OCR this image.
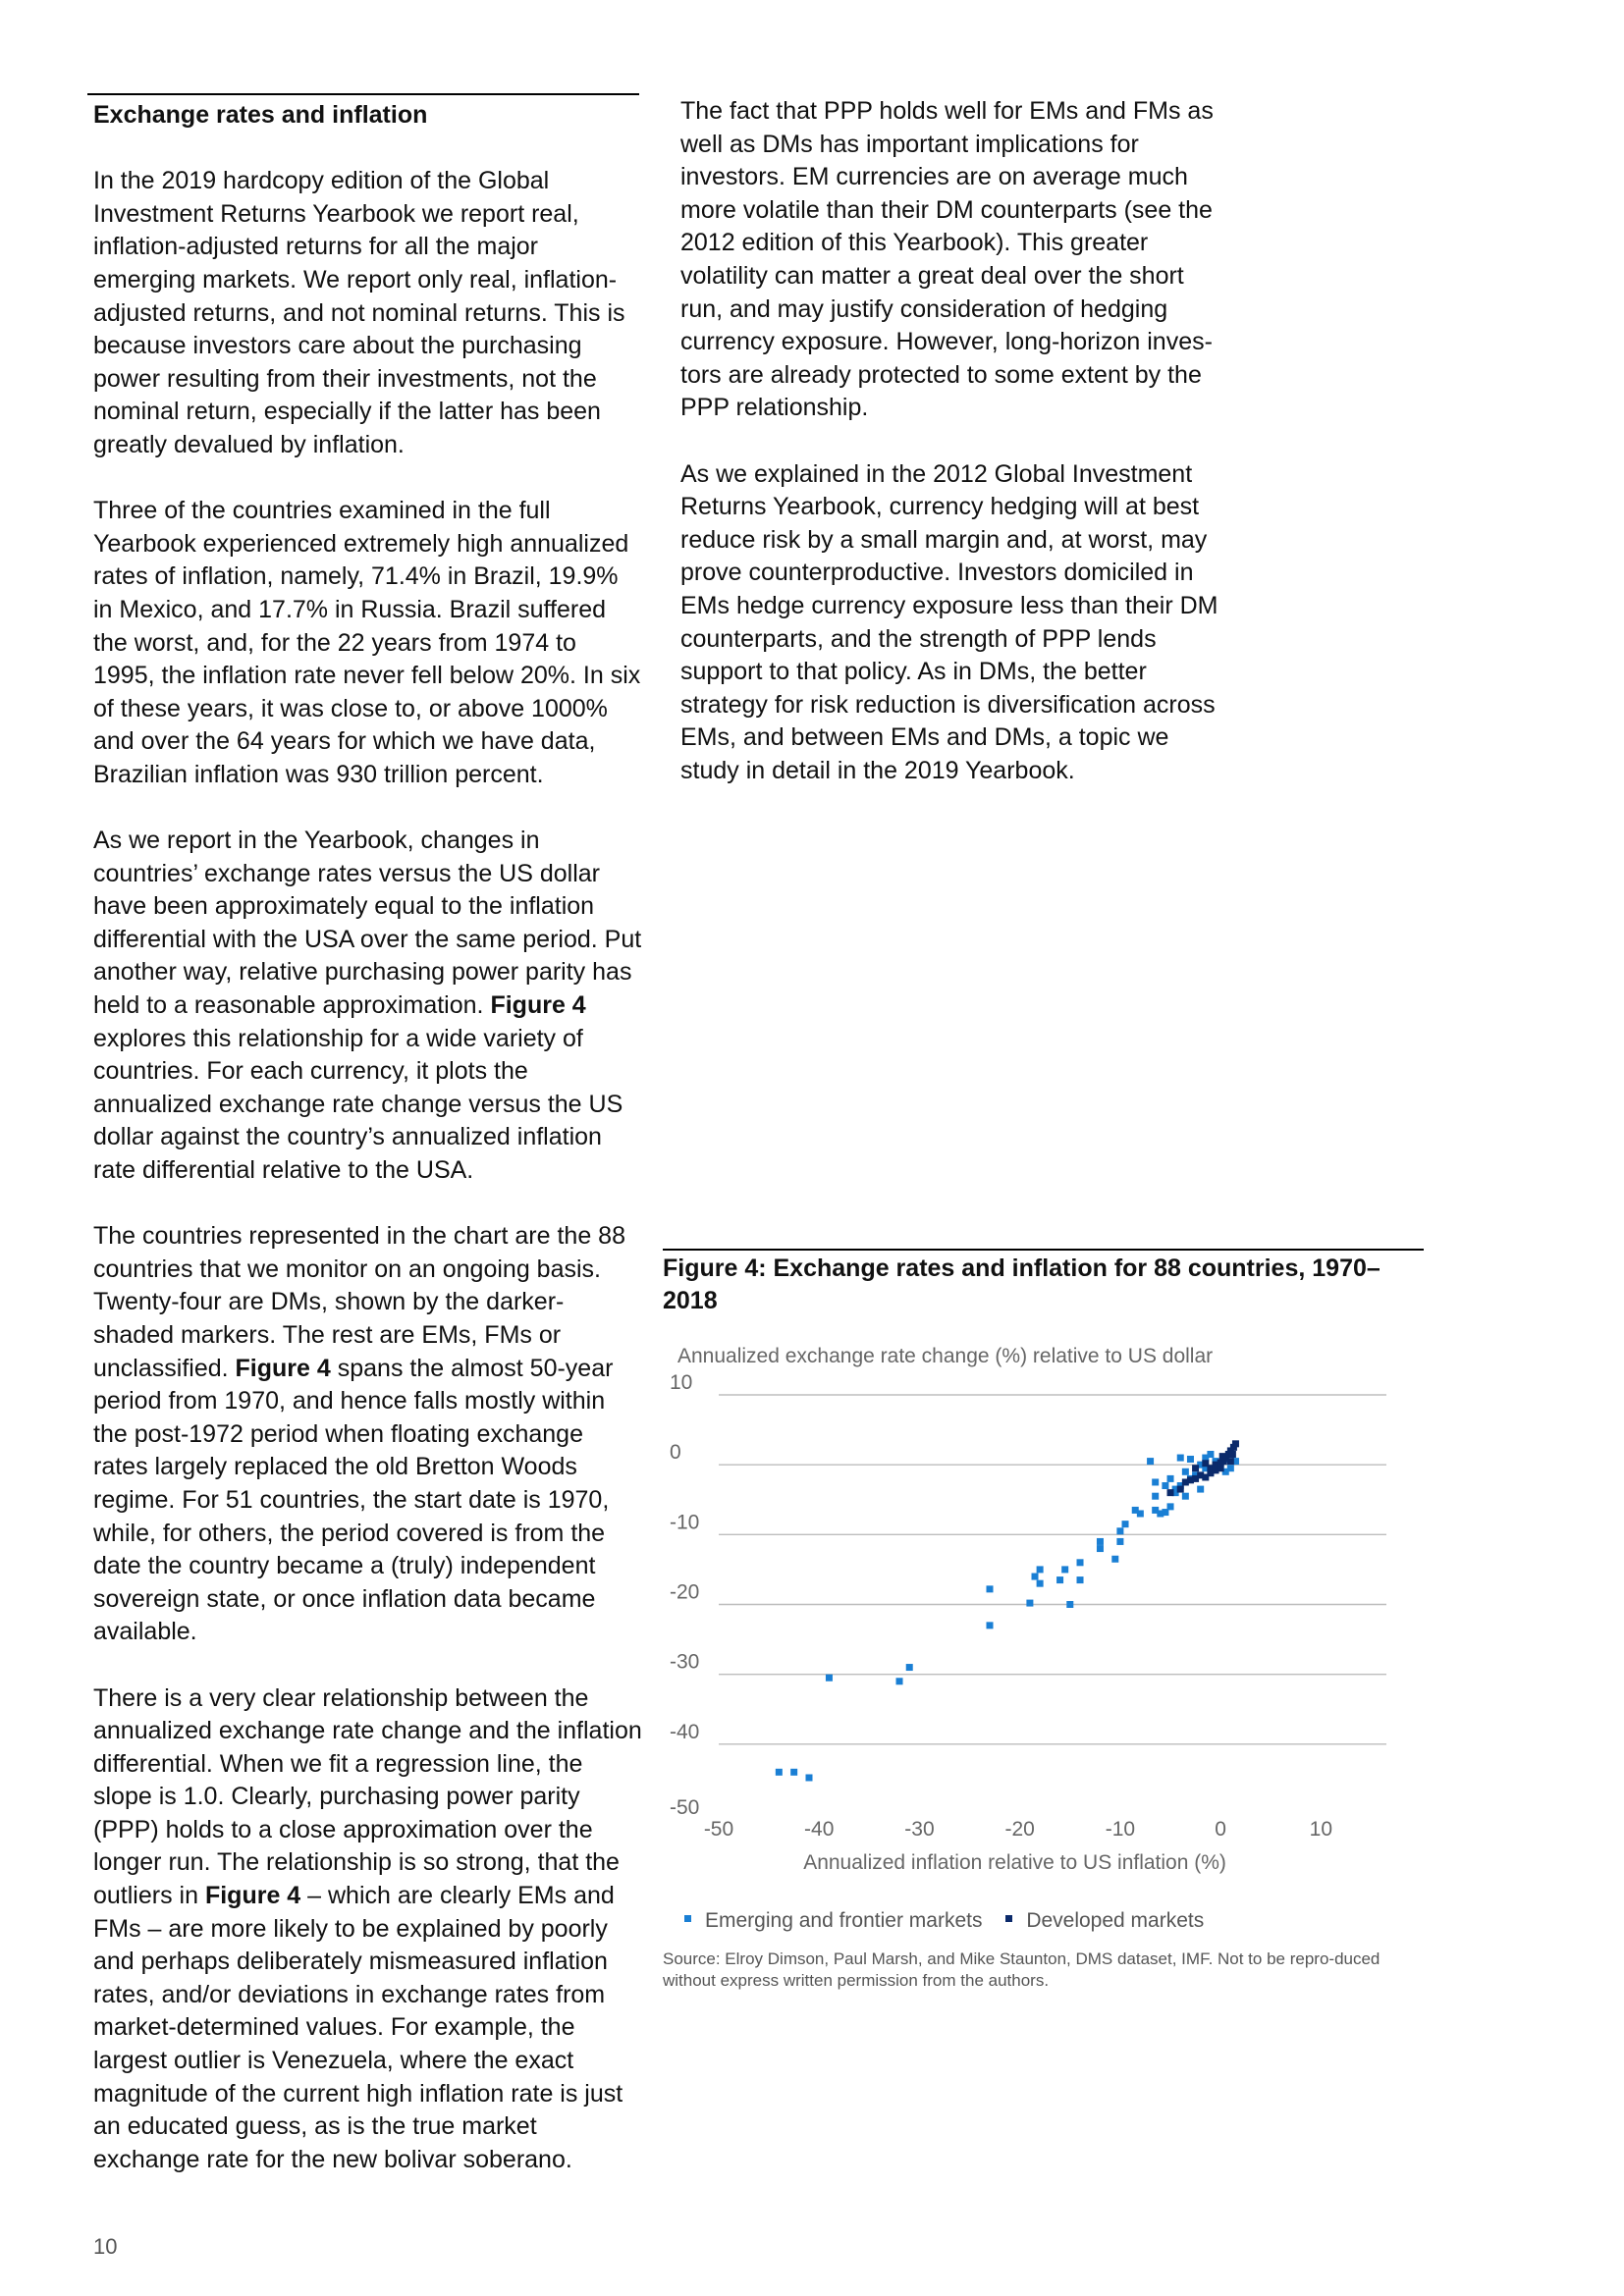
Exchange rates and inflation

In the 2019 hardcopy edition of the Global Investment Returns Yearbook we report real, inflation-adjusted returns for all the major emerging markets. We report only real, inflation-adjusted returns, and not nominal returns. This is because investors care about the purchasing power resulting from their investments, not the nominal return, especially if the latter has been greatly devalued by inflation.

Three of the countries examined in the full Yearbook experienced extremely high annualized rates of inflation, namely, 71.4% in Brazil, 19.9% in Mexico, and 17.7% in Russia. Brazil suffered the worst, and, for the 22 years from 1974 to 1995, the inflation rate never fell below 20%. In six of these years, it was close to, or above 1000% and over the 64 years for which we have data, Brazilian inflation was 930 trillion percent.

As we report in the Yearbook, changes in countries’ exchange rates versus the US dollar have been approximately equal to the inflation differential with the USA over the same period. Put another way, relative purchasing power parity has held to a reasonable approximation. Figure 4 explores this relationship for a wide variety of countries. For each currency, it plots the annualized exchange rate change versus the US dollar against the country’s annualized inflation rate differential relative to the USA.

The countries represented in the chart are the 88 countries that we monitor on an ongoing basis. Twenty-four are DMs, shown by the darker-shaded markers. The rest are EMs, FMs or unclassified. Figure 4 spans the almost 50-year period from 1970, and hence falls mostly within the post-1972 period when floating exchange rates largely replaced the old Bretton Woods regime. For 51 countries, the start date is 1970, while, for others, the period covered is from the date the country became a (truly) independent sovereign state, or once inflation data became available.

There is a very clear relationship between the annualized exchange rate change and the inflation differential. When we fit a regression line, the slope is 1.0. Clearly, purchasing power parity (PPP) holds to a close approximation over the longer run. The relationship is so strong, that the outliers in Figure 4 – which are clearly EMs and FMs – are more likely to be explained by poorly and perhaps deliberately mismeasured inflation rates, and/or deviations in exchange rates from market-determined values. For example, the largest outlier is Venezuela, where the exact magnitude of the current high inflation rate is just an educated guess, as is the true market exchange rate for the new bolivar soberano.

The fact that PPP holds well for EMs and FMs as well as DMs has important implications for investors. EM currencies are on average much more volatile than their DM counterparts (see the 2012 edition of this Yearbook). This greater volatility can matter a great deal over the short run, and may justify consideration of hedging currency exposure. However, long-horizon inves-tors are already protected to some extent by the PPP relationship.

As we explained in the 2012 Global Investment Returns Yearbook, currency hedging will at best reduce risk by a small margin and, at worst, may prove counterproductive. Investors domiciled in EMs hedge currency exposure less than their DM counterparts, and the strength of PPP lends support to that policy. As in DMs, the better strategy for risk reduction is diversification across EMs, and between EMs and DMs, a topic we study in detail in the 2019 Yearbook.

Figure 4: Exchange rates and inflation for 88 countries, 1970–2018
Annualized exchange rate change (%) relative to US dollar
10
0
-10
-20
-30
-40
-50
-50	-40	-30	-20	-10	0	10
Annualized inflation relative to US inflation (%)
Emerging and frontier markets Developed markets
Source: Elroy Dimson, Paul Marsh, and Mike Staunton, DMS dataset, IMF. Not to be repro-duced without express written permission from the authors.
10
